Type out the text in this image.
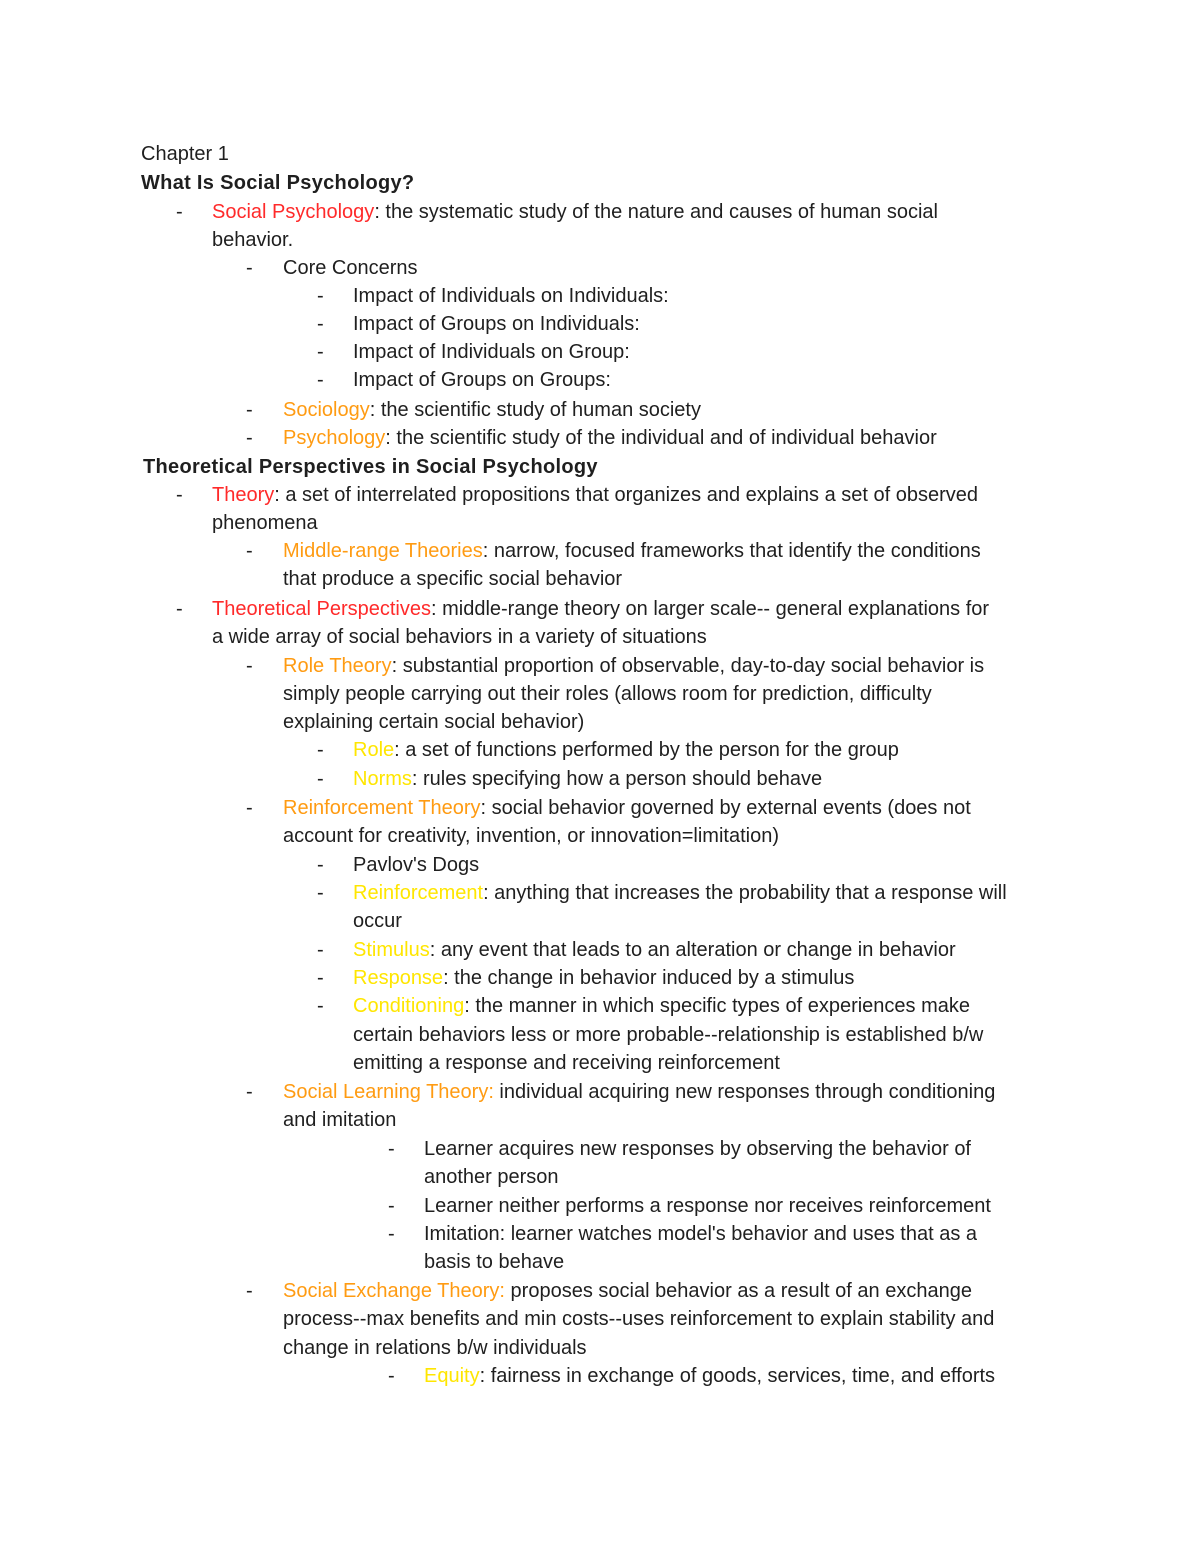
Chapter 1
What Is Social Psychology?
- Social Psychology: the systematic study of the nature and causes of human social
behavior.
- Core Concerns
- Impact of Individuals on Individuals:
- Impact of Groups on Individuals:
- Impact of Individuals on Group:
- Impact of Groups on Groups:
- Sociology: the scientific study of human society
- Psychology: the scientific study of the individual and of individual behavior
Theoretical Perspectives in Social Psychology
- Theory: a set of interrelated propositions that organizes and explains a set of observed
phenomena
- Middle-range Theories: narrow, focused frameworks that identify the conditions
that produce a specific social behavior
- Theoretical Perspectives: middle-range theory on larger scale-- general explanations for
a wide array of social behaviors in a variety of situations
- Role Theory: substantial proportion of observable, day-to-day social behavior is
simply people carrying out their roles (allows room for prediction, difficulty
explaining certain social behavior)
- Role: a set of functions performed by the person for the group
- Norms: rules specifying how a person should behave
- Reinforcement Theory: social behavior governed by external events (does not
account for creativity, invention, or innovation=limitation)
- Pavlov's Dogs
- Reinforcement: anything that increases the probability that a response will
occur
- Stimulus: any event that leads to an alteration or change in behavior
- Response: the change in behavior induced by a stimulus
- Conditioning: the manner in which specific types of experiences make
certain behaviors less or more probable--relationship is established b/w
emitting a response and receiving reinforcement
- Social Learning Theory: individual acquiring new responses through conditioning
and imitation
- Learner acquires new responses by observing the behavior of
another person
- Learner neither performs a response nor receives reinforcement
- Imitation: learner watches model's behavior and uses that as a
basis to behave
- Social Exchange Theory: proposes social behavior as a result of an exchange
process--max benefits and min costs--uses reinforcement to explain stability and
change in relations b/w individuals
- Equity: fairness in exchange of goods, services, time, and efforts
